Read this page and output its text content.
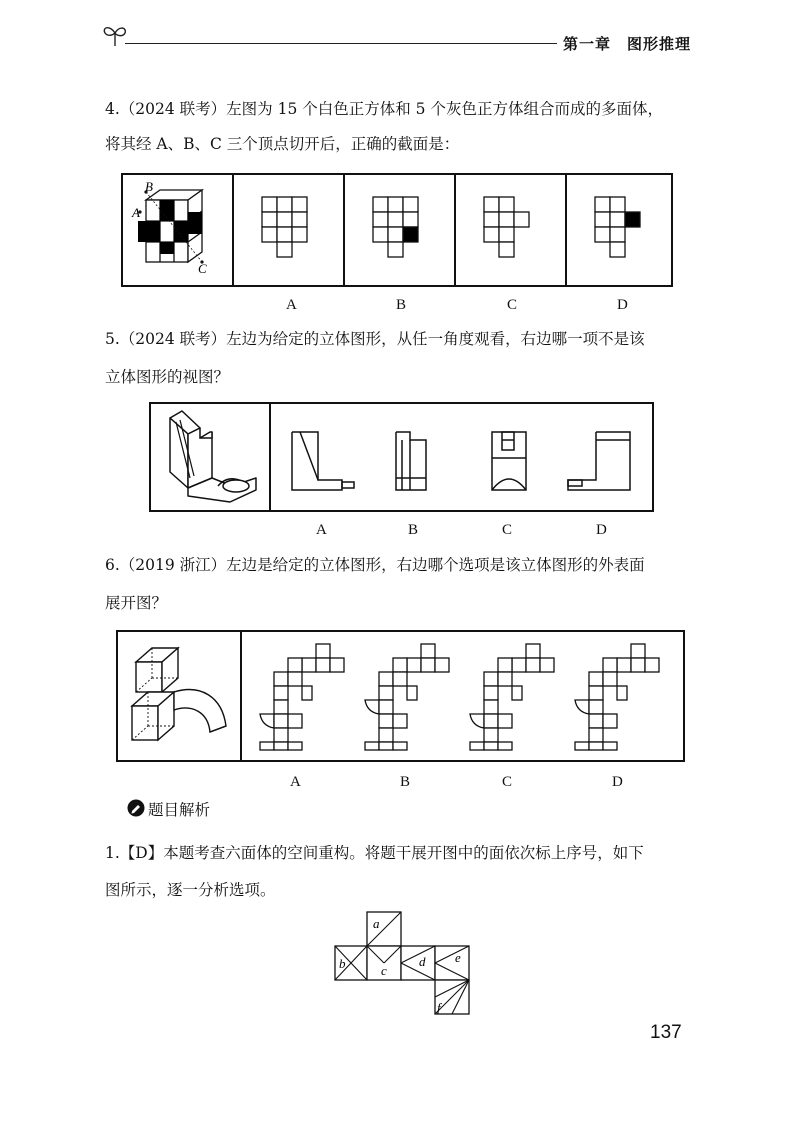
第一章 图形推理
4.（2024 联考）左图为 15 个白色正方体和 5 个灰色正方体组合而成的多面体，
将其经 A、B、C 三个顶点切开后，正确的截面是：
B
A
C
A	B	C	D
5.（2024 联考）左边为给定的立体图形，从任一角度观看，右边哪一项不是该
立体图形的视图？
A	B	C	D
6.（2019 浙江）左边是给定的立体图形，右边哪个选项是该立体图形的外表面
展开图？
A	B	C	D
题目解析
1.【D】本题考查六面体的空间重构。将题干展开图中的面依次标上序号，如下
图所示，逐一分析选项。
a
b	c
d e
f
137
